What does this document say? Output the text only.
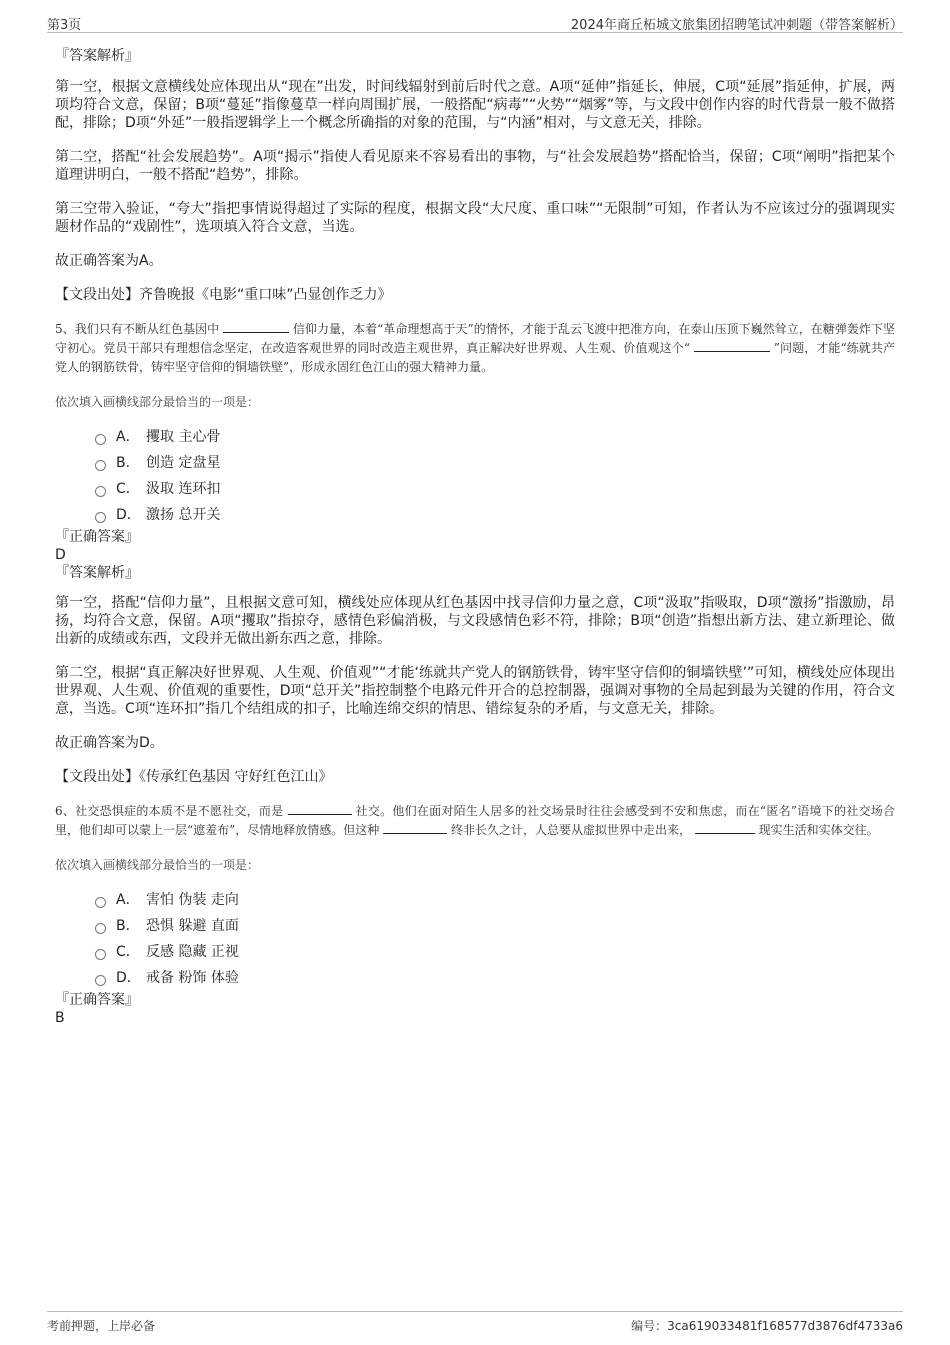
第3页	2024年商丘柘城文旅集团招聘笔试冲刺题（带答案解析）

『答案解析』

第一空，根据文意横线处应体现出从“现在”出发，时间线辐射到前后时代之意。A项“延伸”指延长，伸展，C项“延展”指延伸，扩展，两项均符合文意，保留；B项“蔓延”指像蔓草一样向周围扩展，一般搭配“病毒”“火势”“烟雾”等，与文段中创作内容的时代背景一般不做搭配，排除；D项“外延”一般指逻辑学上一个概念所确指的对象的范围，与“内涵”相对，与文意无关，排除。

第二空，搭配“社会发展趋势”。A项“揭示”指使人看见原来不容易看出的事物，与“社会发展趋势”搭配恰当，保留；C项“阐明”指把某个道理讲明白，一般不搭配“趋势”，排除。

第三空带入验证，“夸大”指把事情说得超过了实际的程度，根据文段“大尺度、重口味”“无限制”可知，作者认为不应该过分的强调现实题材作品的“戏剧性”，选项填入符合文意，当选。

故正确答案为A。

【文段出处】齐鲁晚报《电影“重口味”凸显创作乏力》

5、我们只有不断从红色基因中	信仰力量，本着“革命理想高于天”的情怀，才能于乱云飞渡中把准方向，在泰山压顶下巍然耸立，在糖弹轰炸下坚守初心。党员干部只有理想信念坚定，在改造客观世界的同时改造主观世界，真正解决好世界观、人生观、价值观这个“	”问题，才能“练就共产党人的钢筋铁骨，铸牢坚守信仰的铜墙铁壁”，形成永固红色江山的强大精神力量。

依次填入画横线部分最恰当的一项是：

A． 攫取 主心骨
B． 创造 定盘星
C． 汲取 连环扣
D． 激扬 总开关

『正确答案』

D

『答案解析』

第一空，搭配“信仰力量”，且根据文意可知，横线处应体现从红色基因中找寻信仰力量之意，C项“汲取”指吸取，D项“激扬”指激励，昂扬，均符合文意，保留。A项“攫取”指掠夺，感情色彩偏消极，与文段感情色彩不符，排除；B项“创造”指想出新方法、建立新理论、做出新的成绩或东西，文段并无做出新东西之意，排除。

第二空，根据“真正解决好世界观、人生观、价值观”“才能‘练就共产党人的钢筋铁骨，铸牢坚守信仰的铜墙铁壁’”可知，横线处应体现出世界观、人生观、价值观的重要性，D项“总开关”指控制整个电路元件开合的总控制器，强调对事物的全局起到最为关键的作用，符合文意，当选。C项“连环扣”指几个结组成的扣子，比喻连绵交织的情思、错综复杂的矛盾，与文意无关，排除。

故正确答案为D。

【文段出处】《传承红色基因 守好红色江山》

6、社交恐惧症的本质不是不愿社交，而是	社交。他们在面对陌生人居多的社交场景时往往会感受到不安和焦虑，而在“匿名”语境下的社交场合里，他们却可以蒙上一层“遮羞布”，尽情地释放情感。但这种	终非长久之计，人总要从虚拟世界中走出来，	现实生活和实体交往。

依次填入画横线部分最恰当的一项是：

A． 害怕 伪装 走向
B． 恐惧 躲避 直面
C． 反感 隐藏 正视
D． 戒备 粉饰 体验

『正确答案』

B

考前押题，上岸必备	编号：3ca619033481f168577d3876df4733a6
